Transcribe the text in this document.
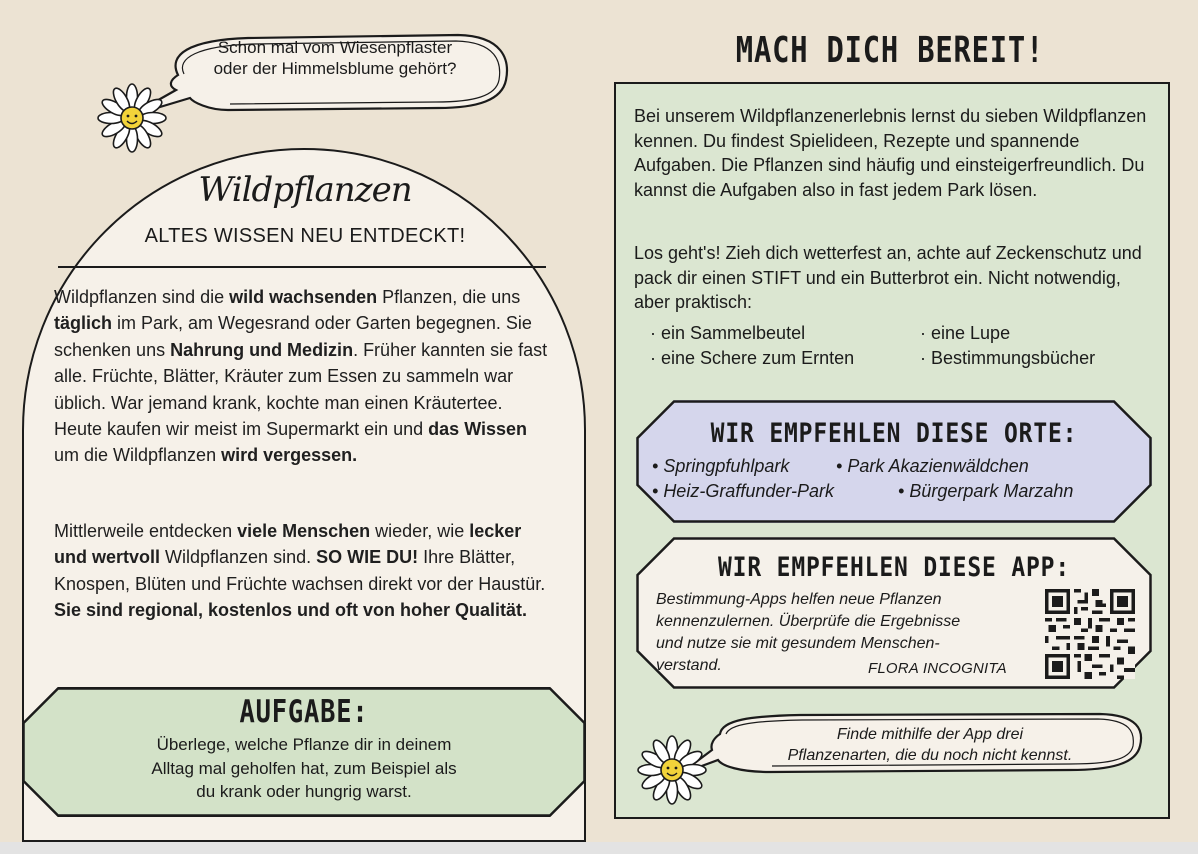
Schon mal vom Wiesenpflaster
oder der Himmelsblume gehört?
Wildpflanzen
ALTES WISSEN NEU ENTDECKT!
Wildpflanzen sind die wild wachsenden Pflanzen, die uns täglich im Park, am Wegesrand oder Garten begegnen. Sie schenken uns Nahrung und Medizin. Früher kannten sie fast alle. Früchte, Blätter, Kräuter zum Essen zu sammeln war üblich. War jemand krank, kochte man einen Kräutertee. Heute kaufen wir meist im Supermarkt ein und das Wissen um die Wildpflanzen wird vergessen.
Mittlerweile entdecken viele Menschen wieder, wie lecker und wertvoll Wildpflanzen sind. SO WIE DU! Ihre Blätter, Knospen, Blüten und Früchte wachsen direkt vor der Haustür. Sie sind regional, kostenlos und oft von hoher Qualität.
AUFGABE:
Überlege, welche Pflanze dir in deinem
Alltag mal geholfen hat, zum Beispiel als
du krank oder hungrig warst.
MACH DICH BEREIT!
Bei unserem Wildpflanzenerlebnis lernst du sieben Wildpflanzen kennen. Du findest Spielideen, Rezepte und spannende Aufgaben. Die Pflanzen sind häufig und einsteigerfreundlich. Du kannst die Aufgaben also in fast jedem Park lösen.
Los geht's! Zieh dich wetterfest an, achte auf Zeckenschutz und pack dir einen STIFT und ein Butterbrot ein. Nicht notwendig, aber praktisch:
· ein Sammelbeutel
· eine Schere zum Ernten
· eine Lupe
· Bestimmungsbücher
WIR EMPFEHLEN DIESE ORTE:
• Springpfuhlpark
• Heiz-Graffunder-Park
• Park Akazienwäldchen
• Bürgerpark Marzahn
WIR EMPFEHLEN DIESE APP:
Bestimmung-Apps helfen neue Pflanzen
kennenzulernen. Überprüfe die Ergebnisse
und nutze sie mit gesundem Menschen-
verstand.	FLORA INCOGNITA
Finde mithilfe der App drei
Pflanzenarten, die du noch nicht kennst.
